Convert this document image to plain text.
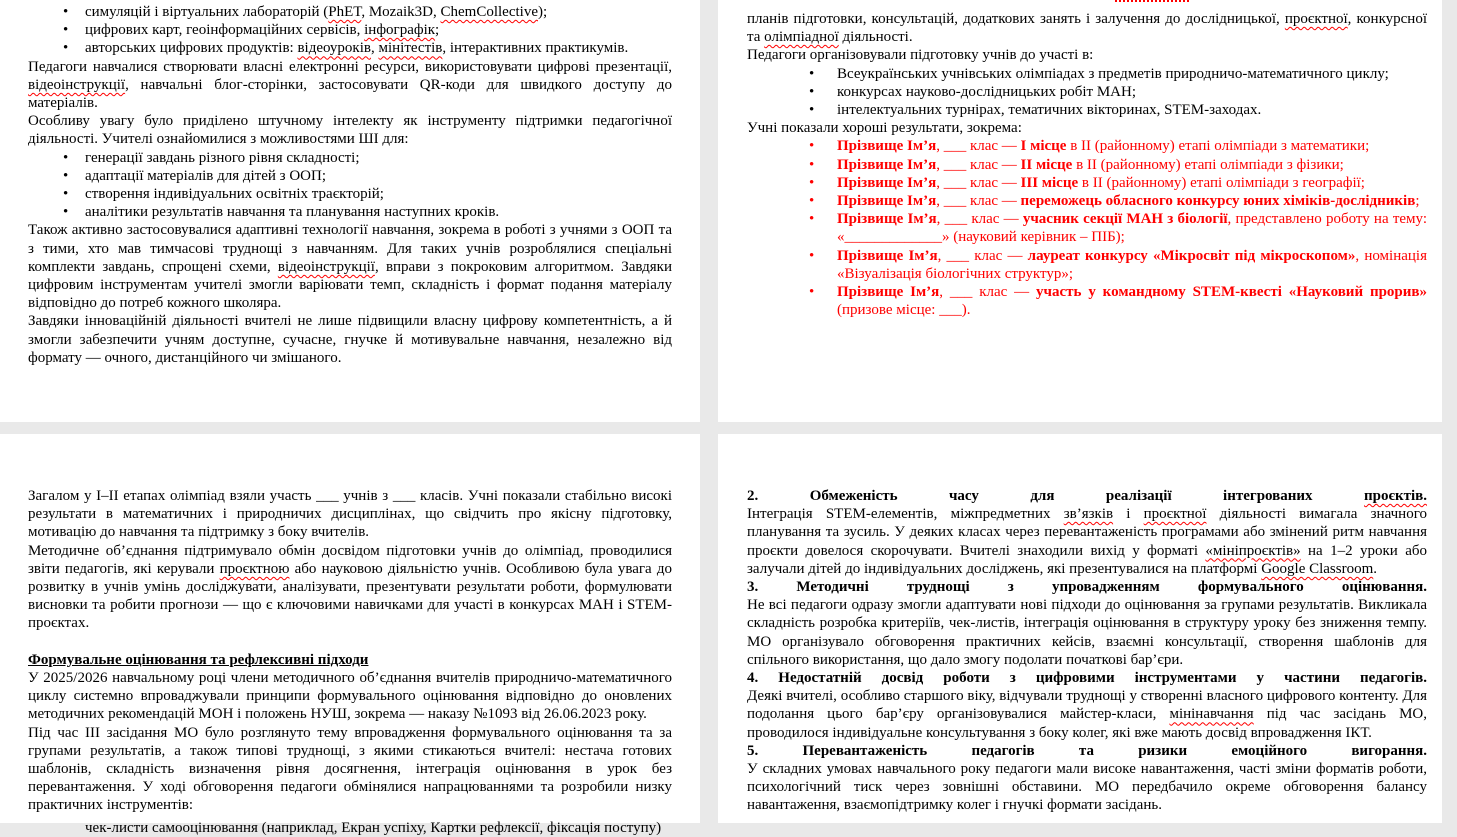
• симуляцій і віртуальних лабораторій (PhET, Mozaik3D, ChemCollective);
• цифрових карт, геоінформаційних сервісів, інфографік;
• авторських цифрових продуктів: відеоуроків, мінітестів, інтерактивних практикумів.
Педагоги навчалися створювати власні електронні ресурси, використовувати цифрові презентації, відеоінструкції, навчальні блог-сторінки, застосовувати QR-коди для швидкого доступу до матеріалів.
Особливу увагу було приділено штучному інтелекту як інструменту підтримки педагогічної діяльності. Учителі ознайомилися з можливостями ШІ для:
• генерації завдань різного рівня складності;
• адаптації матеріалів для дітей з ООП;
• створення індивідуальних освітніх траєкторій;
• аналітики результатів навчання та планування наступних кроків.
Також активно застосовувалися адаптивні технології навчання, зокрема в роботі з учнями з ООП та з тими, хто мав тимчасові труднощі з навчанням. Для таких учнів розроблялися спеціальні комплекти завдань, спрощені схеми, відеоінструкції, вправи з покроковим алгоритмом. Завдяки цифровим інструментам учителі змогли варіювати темп, складність і формат подання матеріалу відповідно до потреб кожного школяра.
Завдяки інноваційній діяльності вчителі не лише підвищили власну цифрову компетентність, а й змогли забезпечити учням доступне, сучасне, гнучке й мотивувальне навчання, незалежно від формату — очного, дистанційного чи змішаного.
планів підготовки, консультацій, додаткових занять і залучення до дослідницької, проєктної, конкурсної та олімпіадної діяльності.
Педагоги організовували підготовку учнів до участі в:
• Всеукраїнських учнівських олімпіадах з предметів природничо-математичного циклу;
• конкурсах науково-дослідницьких робіт МАН;
• інтелектуальних турнірах, тематичних вікторинах, STEM-заходах.
Учні показали хороші результати, зокрема:
• Прізвище Ім’я, ___ клас — І місце в ІІ (районному) етапі олімпіади з математики;
• Прізвище Ім’я, ___ клас — ІІ місце в ІІ (районному) етапі олімпіади з фізики;
• Прізвище Ім’я, ___ клас — ІІІ місце в ІІ (районному) етапі олімпіади з географії;
• Прізвище Ім’я, ___ клас — переможець обласного конкурсу юних хіміків-дослідників;
• Прізвище Ім’я, ___ клас — учасник секції МАН з біології, представлено роботу на тему: «_____________» (науковий керівник – ПІБ);
• Прізвище Ім’я, ___ клас — лауреат конкурсу «Мікросвіт під мікроскопом», номінація «Візуалізація біологічних структур»;
• Прізвище Ім’я, ___ клас — участь у командному STEM-квесті «Науковий прорив» (призове місце: ___).
Загалом у І–ІІ етапах олімпіад взяли участь ___ учнів з ___ класів. Учні показали стабільно високі результати в математичних і природничих дисциплінах, що свідчить про якісну підготовку, мотивацію до навчання та підтримку з боку вчителів.
Методичне об’єднання підтримувало обмін досвідом підготовки учнів до олімпіад, проводилися звіти педагогів, які керували проєктною або науковою діяльністю учнів. Особливою була увага до розвитку в учнів умінь досліджувати, аналізувати, презентувати результати роботи, формулювати висновки та робити прогнози — що є ключовими навичками для участі в конкурсах МАН і STEM-проєктах.
Формувальне оцінювання та рефлексивні підходи
У 2025/2026 навчальному році члени методичного об’єднання вчителів природничо-математичного циклу системно впроваджували принципи формувального оцінювання відповідно до оновлених методичних рекомендацій МОН і положень НУШ, зокрема — наказу №1093 від 26.06.2023 року.
Під час ІІІ засідання МО було розглянуто тему впровадження формувального оцінювання та за групами результатів, а також типові труднощі, з якими стикаються вчителі: нестача готових шаблонів, складність визначення рівня досягнення, інтеграція оцінювання в урок без перевантаження. У ході обговорення педагоги обмінялися напрацюваннями та розробили низку практичних інструментів:
чек-листи самооцінювання (наприклад, Екран успіху, Картки рефлексії, фіксація поступу)
2. Обмеженість часу для реалізації інтегрованих проєктів.
Інтеграція STEM-елементів, міжпредметних зв’язків і проєктної діяльності вимагала значного планування та зусиль. У деяких класах через перевантаженість програмами або змінений ритм навчання проєкти довелося скорочувати. Вчителі знаходили вихід у форматі «мініпроєктів» на 1–2 уроки або залучали дітей до індивідуальних досліджень, які презентувалися на платформі Google Classroom.
3. Методичні труднощі з упровадженням формувального оцінювання.
Не всі педагоги одразу змогли адаптувати нові підходи до оцінювання за групами результатів. Викликала складність розробка критеріїв, чек-листів, інтеграція оцінювання в структуру уроку без зниження темпу. МО організувало обговорення практичних кейсів, взаємні консультації, створення шаблонів для спільного використання, що дало змогу подолати початкові бар’єри.
4. Недостатній досвід роботи з цифровими інструментами у частини педагогів.
Деякі вчителі, особливо старшого віку, відчували труднощі у створенні власного цифрового контенту. Для подолання цього бар’єру організовувалися майстер-класи, мінінавчання під час засідань МО, проводилося індивідуальне консультування з боку колег, які вже мають досвід впровадження ІКТ.
5. Перевантаженість педагогів та ризики емоційного вигорання.
У складних умовах навчального року педагоги мали високе навантаження, часті зміни форматів роботи, психологічний тиск через зовнішні обставини. МО передбачило окреме обговорення балансу навантаження, взаємопідтримку колег і гнучкі формати засідань.
